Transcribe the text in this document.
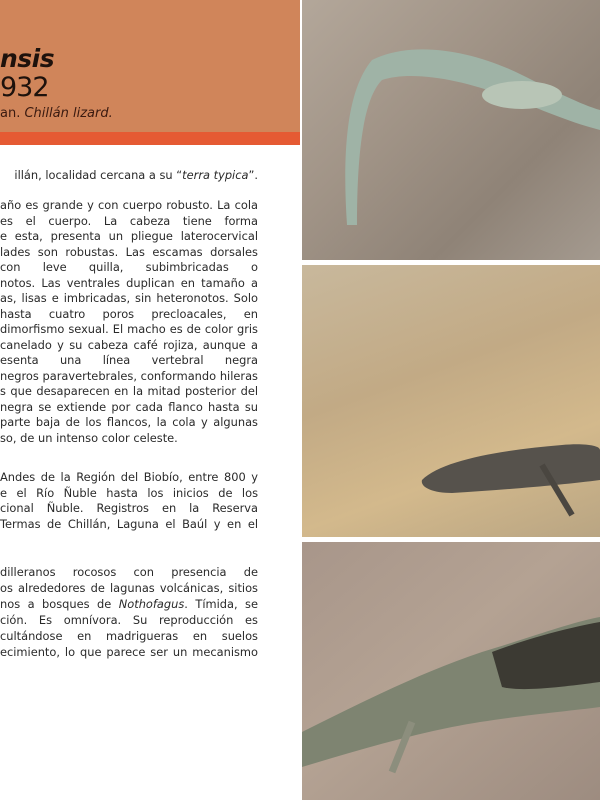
nsis
932
an. Chillán lizard.
illán, localidad cercana a su “terra typica”.
año es grande y con cuerpo robusto. La cola
es el cuerpo. La cabeza tiene forma
e esta, presenta un pliegue laterocervical
lades son robustas. Las escamas dorsales
con leve quilla, subimbricadas o
notos. Las ventrales duplican en tamaño a
as, lisas e imbricadas, sin heteronotos. Solo
hasta cuatro poros precloacales, en
dimorfismo sexual. El macho es de color gris
canelado y su cabeza café rojiza, aunque a
esenta una línea vertebral negra
negros paravertebrales, conformando hileras
s que desaparecen en la mitad posterior del
negra se extiende por cada flanco hasta su
parte baja de los flancos, la cola y algunas
so, de un intenso color celeste.
Andes de la Región del Biobío, entre 800 y
e el Río Ñuble hasta los inicios de los
cional Ñuble. Registros en la Reserva
Termas de Chillán, Laguna el Baúl y en el
dilleranos rocosos con presencia de
os alrededores de lagunas volcánicas, sitios
nos a bosques de Nothofagus. Tímida, se
ción. Es omnívora. Su reproducción es
cultándose en madrigueras en suelos
ecimiento, lo que parece ser un mecanismo
